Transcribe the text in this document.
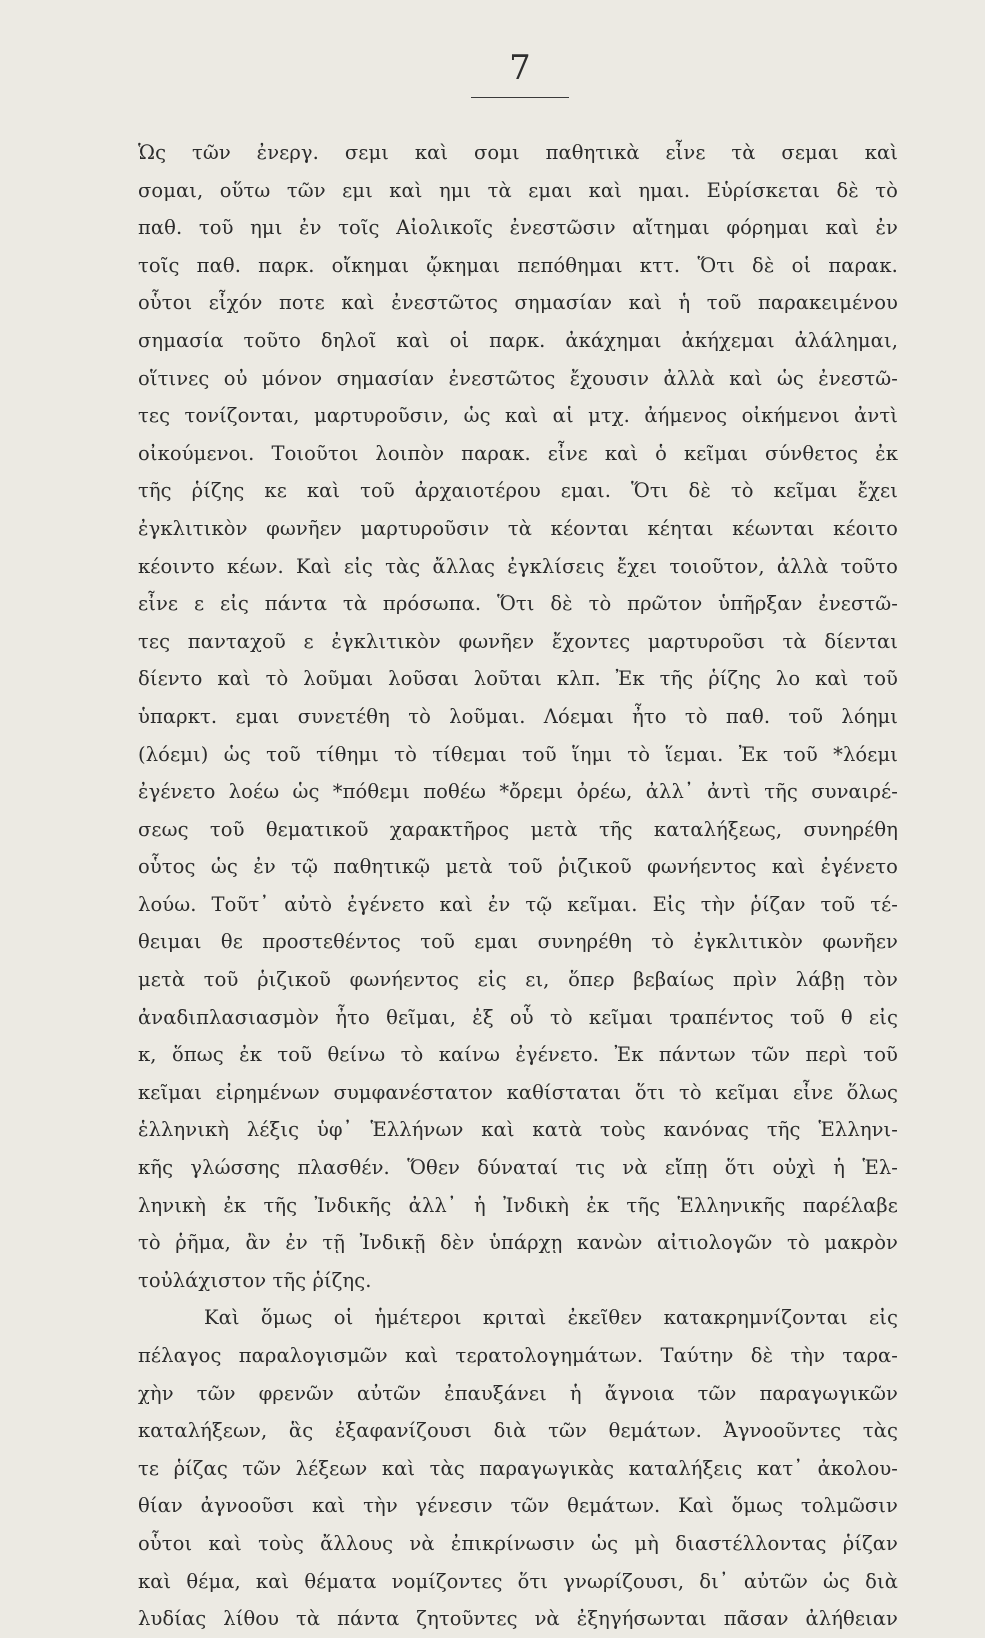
7
Ὡς τῶν ἐνεργ. σεμι καὶ σομι παθητικὰ εἶνε τὰ σεμαι καὶ
σομαι, οὕτω τῶν εμι καὶ ημι τὰ εμαι καὶ ημαι. Εὑρίσκεται δὲ τὸ
παθ. τοῦ ημι ἐν τοῖς Αἰολικοῖς ἐνεστῶσιν αἴτημαι φόρημαι καὶ ἐν
τοῖς παθ. παρκ. οἴκημαι ᾤκημαι πεπόθημαι κττ. Ὅτι δὲ οἱ παρακ.
οὗτοι εἶχόν ποτε καὶ ἐνεστῶτος σημασίαν καὶ ἡ τοῦ παρακειμένου
σημασία τοῦτο δηλοῖ καὶ οἱ παρκ. ἀκάχημαι ἀκήχεμαι ἀλάλημαι,
οἵτινες οὐ μόνον σημασίαν ἐνεστῶτος ἔχουσιν ἀλλὰ καὶ ὡς ἐνεστῶ-
τες τονίζονται, μαρτυροῦσιν, ὡς καὶ αἱ μτχ. ἀήμενος οἰκήμενοι ἀντὶ
οἰκούμενοι. Τοιοῦτοι λοιπὸν παρακ. εἶνε καὶ ὁ κεῖμαι σύνθετος ἐκ
τῆς ῥίζης κε καὶ τοῦ ἀρχαιοτέρου εμαι. Ὅτι δὲ τὸ κεῖμαι ἔχει
ἐγκλιτικὸν φωνῆεν μαρτυροῦσιν τὰ κέονται κέηται κέωνται κέοιτο
κέοιντο κέων. Καὶ εἰς τὰς ἄλλας ἐγκλίσεις ἔχει τοιοῦτον, ἀλλὰ τοῦτο
εἶνε ε εἰς πάντα τὰ πρόσωπα. Ὅτι δὲ τὸ πρῶτον ὑπῆρξαν ἐνεστῶ-
τες πανταχοῦ ε ἐγκλιτικὸν φωνῆεν ἔχοντες μαρτυροῦσι τὰ δίενται
δίεντο καὶ τὸ λοῦμαι λοῦσαι λοῦται κλπ. Ἐκ τῆς ῥίζης λο καὶ τοῦ
ὑπαρκτ. εμαι συνετέθη τὸ λοῦμαι. Λόεμαι ἦτο τὸ παθ. τοῦ λόημι
(λόεμι) ὡς τοῦ τίθημι τὸ τίθεμαι τοῦ ἵημι τὸ ἵεμαι. Ἐκ τοῦ *λόεμι
ἐγένετο λοέω ὡς *πόθεμι ποθέω *ὄρεμι ὀρέω, ἀλλ᾽ ἀντὶ τῆς συναιρέ-
σεως τοῦ θεματικοῦ χαρακτῆρος μετὰ τῆς καταλήξεως, συνηρέθη
οὗτος ὡς ἐν τῷ παθητικῷ μετὰ τοῦ ῥιζικοῦ φωνήεντος καὶ ἐγένετο
λούω. Τοῦτ᾽ αὐτὸ ἐγένετο καὶ ἐν τῷ κεῖμαι. Εἰς τὴν ῥίζαν τοῦ τέ-
θειμαι θε προστεθέντος τοῦ εμαι συνηρέθη τὸ ἐγκλιτικὸν φωνῆεν
μετὰ τοῦ ῥιζικοῦ φωνήεντος εἰς ει, ὅπερ βεβαίως πρὶν λάβῃ τὸν
ἀναδιπλασιασμὸν ἦτο θεῖμαι, ἐξ οὗ τὸ κεῖμαι τραπέντος τοῦ θ εἰς
κ, ὅπως ἐκ τοῦ θείνω τὸ καίνω ἐγένετο. Ἐκ πάντων τῶν περὶ τοῦ
κεῖμαι εἰρημένων συμφανέστατον καθίσταται ὅτι τὸ κεῖμαι εἶνε ὅλως
ἑλληνικὴ λέξις ὑφ᾽ Ἑλλήνων καὶ κατὰ τοὺς κανόνας τῆς Ἑλληνι-
κῆς γλώσσης πλασθέν. Ὅθεν δύναταί τις νὰ εἴπῃ ὅτι οὐχὶ ἡ Ἑλ-
ληνικὴ ἐκ τῆς Ἰνδικῆς ἀλλ᾽ ἡ Ἰνδικὴ ἐκ τῆς Ἑλληνικῆς παρέλαβε
τὸ ῥῆμα, ἂν ἐν τῇ Ἰνδικῇ δὲν ὑπάρχῃ κανὼν αἰτιολογῶν τὸ μακρὸν
τοὐλάχιστον τῆς ῥίζης.
Καὶ ὅμως οἱ ἡμέτεροι κριταὶ ἐκεῖθεν κατακρημνίζονται εἰς
πέλαγος παραλογισμῶν καὶ τερατολογημάτων. Ταύτην δὲ τὴν ταρα-
χὴν τῶν φρενῶν αὐτῶν ἐπαυξάνει ἡ ἄγνοια τῶν παραγωγικῶν
καταλήξεων, ἃς ἐξαφανίζουσι διὰ τῶν θεμάτων. Ἀγνοοῦντες τὰς
τε ῥίζας τῶν λέξεων καὶ τὰς παραγωγικὰς καταλήξεις κατ᾽ ἀκολου-
θίαν ἀγνοοῦσι καὶ τὴν γένεσιν τῶν θεμάτων. Καὶ ὅμως τολμῶσιν
οὗτοι καὶ τοὺς ἄλλους νὰ ἐπικρίνωσιν ὡς μὴ διαστέλλοντας ῥίζαν
καὶ θέμα, καὶ θέματα νομίζοντες ὅτι γνωρίζουσι, δι᾽ αὐτῶν ὡς διὰ
λυδίας λίθου τὰ πάντα ζητοῦντες νὰ ἐξηγήσωνται πᾶσαν ἀλήθειαν
